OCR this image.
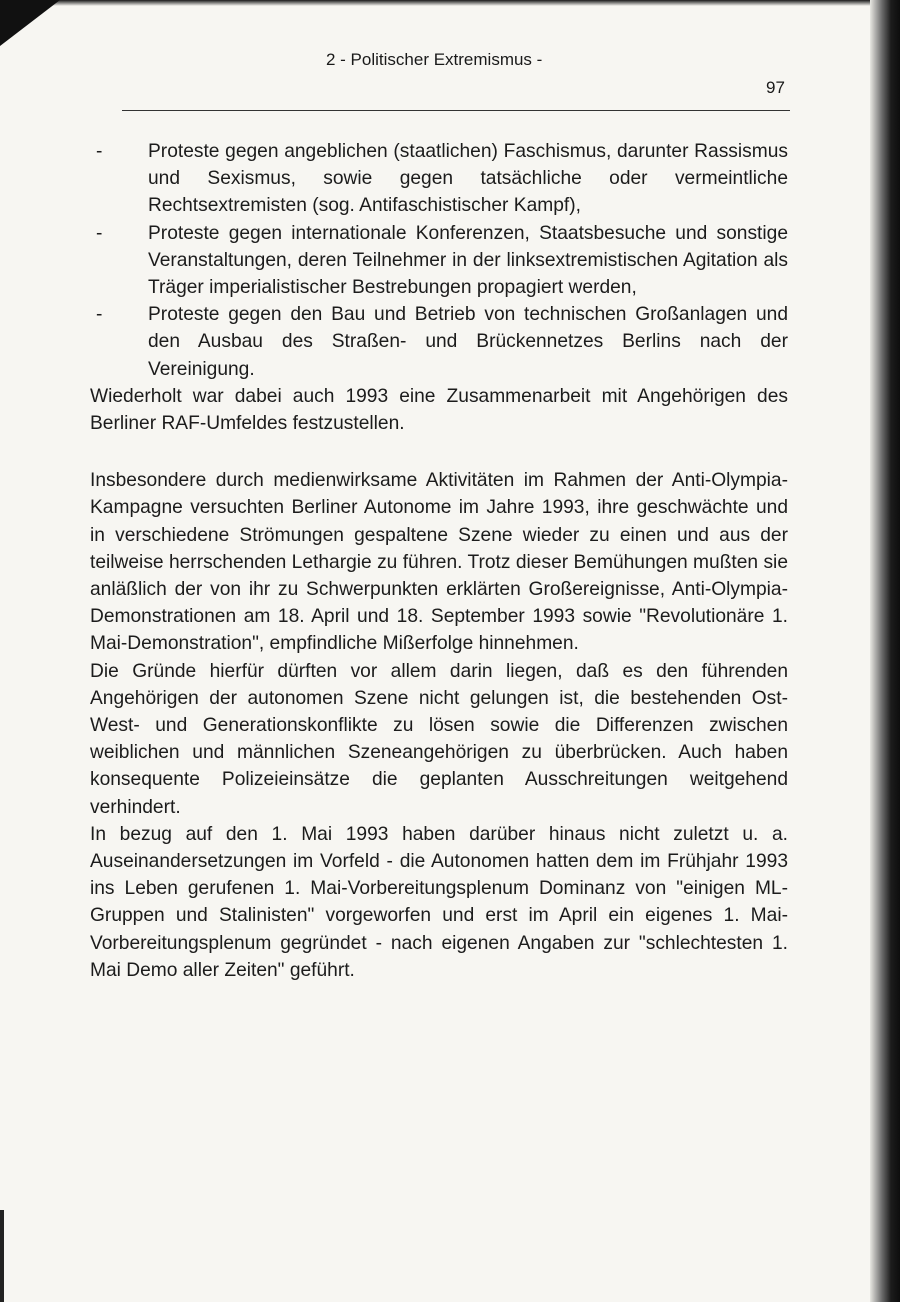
2 - Politischer Extremismus -
97

- Proteste gegen angeblichen (staatlichen) Faschismus, darunter Rassismus und Sexismus, sowie gegen tatsächliche oder vermeintliche Rechtsextremisten (sog. Antifaschistischer Kampf),

- Proteste gegen internationale Konferenzen, Staatsbesuche und sonstige Veranstaltungen, deren Teilnehmer in der linksextremistischen Agitation als Träger imperialistischer Bestrebungen propagiert werden,

- Proteste gegen den Bau und Betrieb von technischen Großanlagen und den Ausbau des Straßen- und Brückennetzes Berlins nach der Vereinigung.

Wiederholt war dabei auch 1993 eine Zusammenarbeit mit Angehörigen des Berliner RAF-Umfeldes festzustellen.

Insbesondere durch medienwirksame Aktivitäten im Rahmen der Anti-Olympia-Kampagne versuchten Berliner Autonome im Jahre 1993, ihre geschwächte und in verschiedene Strömungen gespaltene Szene wieder zu einen und aus der teilweise herrschenden Lethargie zu führen. Trotz dieser Bemühungen mußten sie anläßlich der von ihr zu Schwerpunkten erklärten Großereignisse, Anti-Olympia-Demonstrationen am 18. April und 18. September 1993 sowie "Revolutionäre 1. Mai-Demonstration", empfindliche Mißerfolge hinnehmen.

Die Gründe hierfür dürften vor allem darin liegen, daß es den führenden Angehörigen der autonomen Szene nicht gelungen ist, die bestehenden Ost-West- und Generationskonflikte zu lösen sowie die Differenzen zwischen weiblichen und männlichen Szeneangehörigen zu überbrücken. Auch haben konsequente Polizeieinsätze die geplanten Ausschreitungen weitgehend verhindert.

In bezug auf den 1. Mai 1993 haben darüber hinaus nicht zuletzt u. a. Auseinandersetzungen im Vorfeld - die Autonomen hatten dem im Frühjahr 1993 ins Leben gerufenen 1. Mai-Vorbereitungsplenum Dominanz von "einigen ML-Gruppen und Stalinisten" vorgeworfen und erst im April ein eigenes 1. Mai-Vorbereitungsplenum gegründet - nach eigenen Angaben zur "schlechtesten 1. Mai Demo aller Zeiten" geführt.
